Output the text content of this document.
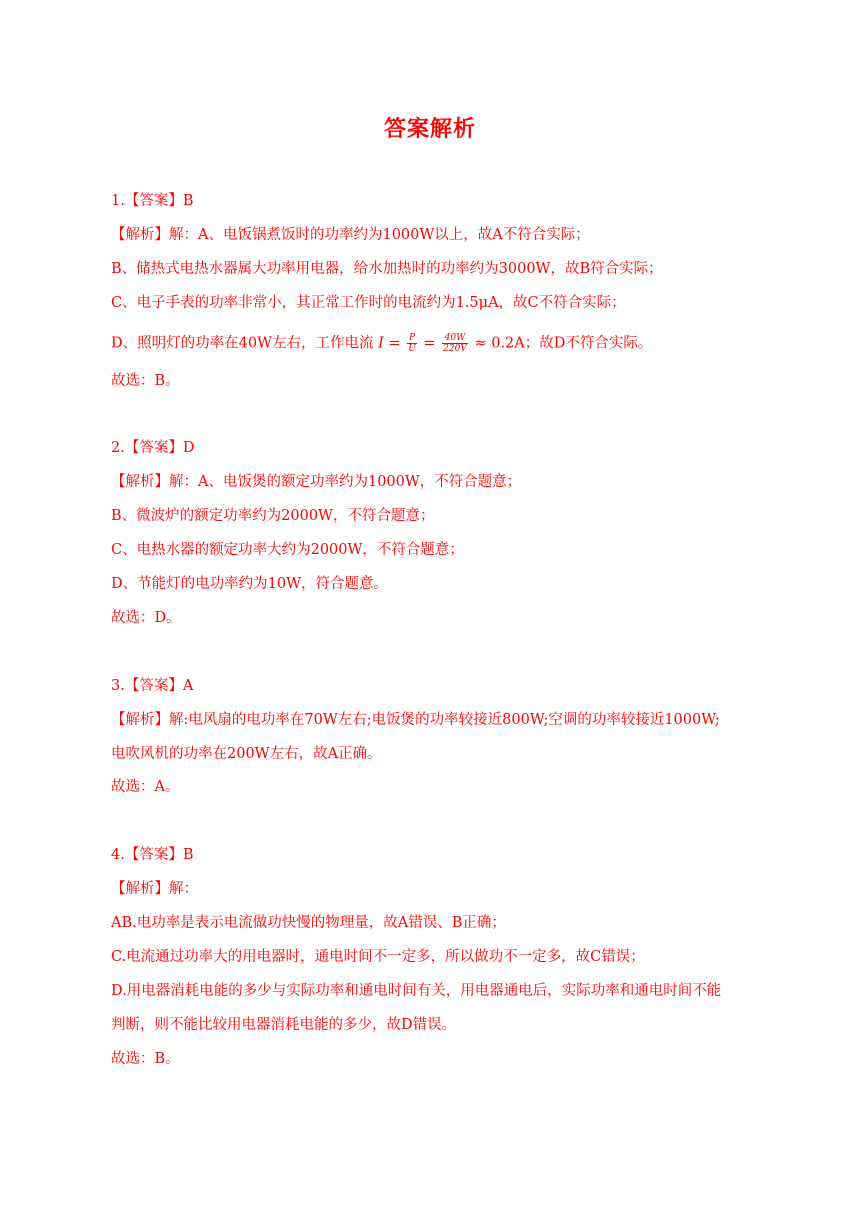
答案解析
1.【答案】B
【解析】解：A、电饭锅煮饭时的功率约为1000W以上，故A不符合实际；
B、储热式电热水器属大功率用电器，给水加热时的功率约为3000W，故B符合实际；
C、电子手表的功率非常小，其正常工作时的电流约为1.5μA，故C不符合实际；
D、照明灯的功率在40W左右，工作电流 $I = \frac{P}{U} = \frac{40W}{220V} \approx 0.2A$；故D不符合实际。
故选：B。
2.【答案】D
【解析】解：A、电饭煲的额定功率约为1000W，不符合题意；
B、微波炉的额定功率约为2000W，不符合题意；
C、电热水器的额定功率大约为2000W，不符合题意；
D、节能灯的电功率约为10W，符合题意。
故选：D。
3.【答案】A
【解析】解:电风扇的电功率在70W左右;电饭煲的功率较接近800W;空调的功率较接近1000W;
电吹风机的功率在200W左右，故A正确。
故选：A。
4.【答案】B
【解析】解：
AB.电功率是表示电流做功快慢的物理量，故A错误、B正确；
C.电流通过功率大的用电器时，通电时间不一定多，所以做功不一定多，故C错误；
D.用电器消耗电能的多少与实际功率和通电时间有关，用电器通电后，实际功率和通电时间不能
判断，则不能比较用电器消耗电能的多少，故D错误。
故选：B。
